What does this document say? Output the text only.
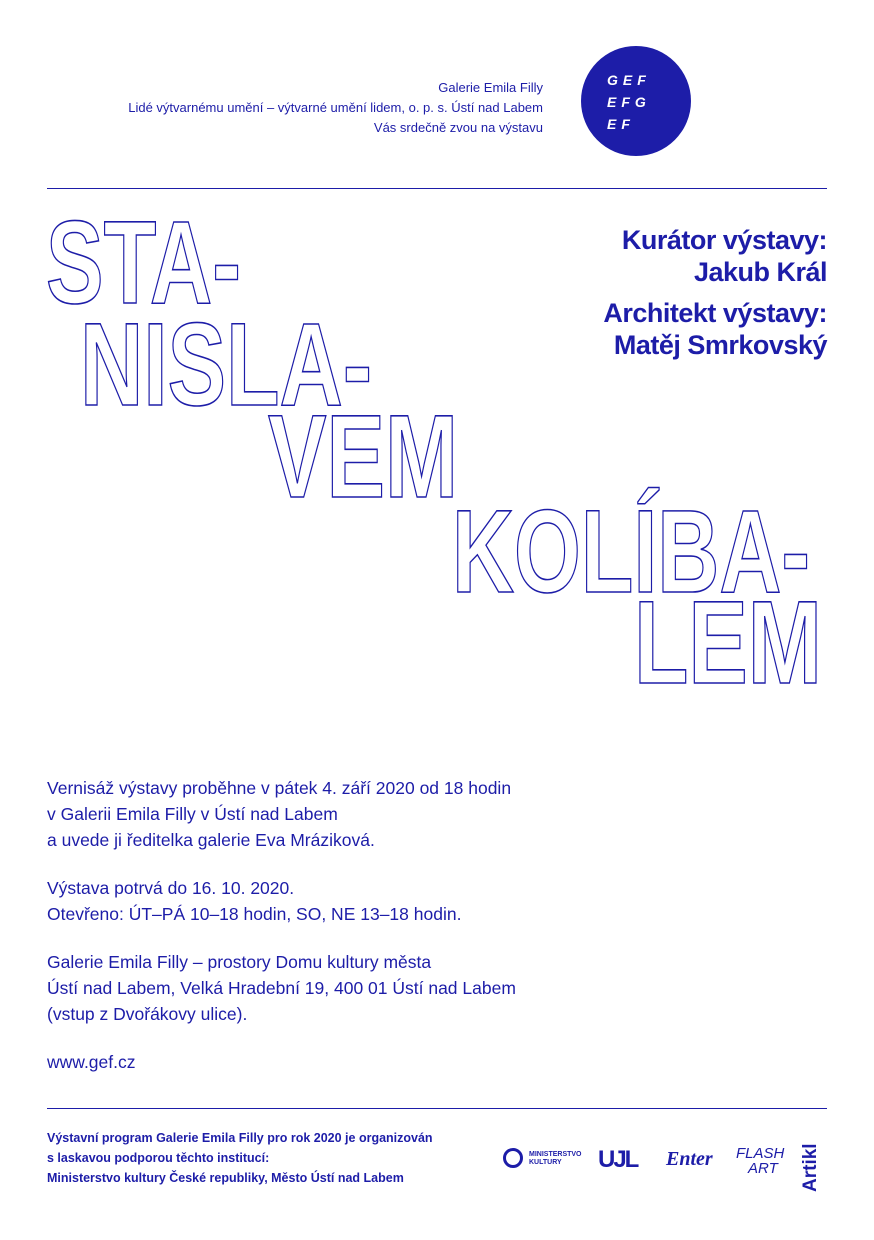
Galerie Emila Filly
Lidé výtvarnému umění – výtvarné umění lidem, o. p. s. Ústí nad Labem
Vás srdečně zvou na výstavu
GEF
EFG
EF
Kurátor výstavy:
Jakub Král
Architekt výstavy:
Matěj Smrkovský
STA-
NISLA-
VEM
KOLÍBA-
LEM

Vernisáž výstavy proběhne v pátek 4. září 2020 od 18 hodin

v Galerii Emila Filly v Ústí nad Labem

a uvede ji ředitelka galerie Eva Mráziková.

Výstava potrvá do 16. 10. 2020.

Otevřeno: ÚT–PÁ 10–18 hodin, SO, NE 13–18 hodin.

Galerie Emila Filly – prostory Domu kultury města

Ústí nad Labem, Velká Hradební 19, 400 01 Ústí nad Labem

(vstup z Dvořákovy ulice).

www.gef.cz

Výstavní program Galerie Emila Filly pro rok 2020 je organizován
s laskavou podporou těchto institucí:
Ministerstvo kultury České republiky, Město Ústí nad Labem
MINISTERSTVO
KULTURY	UJL Enter FLASH
ART	Artikl
